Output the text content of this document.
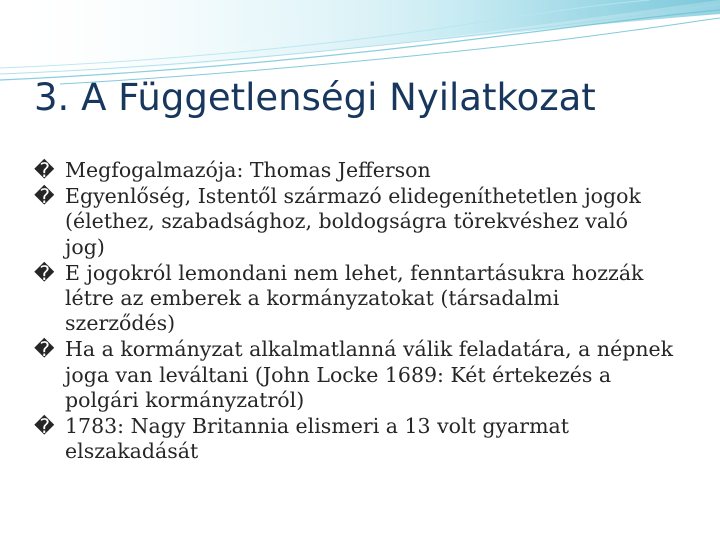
3. A Függetlenségi Nyilatkozat
� Megfogalmazója: Thomas Jefferson
� Egyenlőség, Istentől származó elidegeníthetetlen jogok (élethez, szabadsághoz, boldogságra törekvéshez való jog)
� E jogokról lemondani nem lehet, fenntartásukra hozzák létre az emberek a kormányzatokat (társadalmi szerződés)
� Ha a kormányzat alkalmatlanná válik feladatára, a népnek joga van leváltani (John Locke 1689: Két értekezés a polgári kormányzatról)
� 1783: Nagy Britannia elismeri a 13 volt gyarmat elszakadását
